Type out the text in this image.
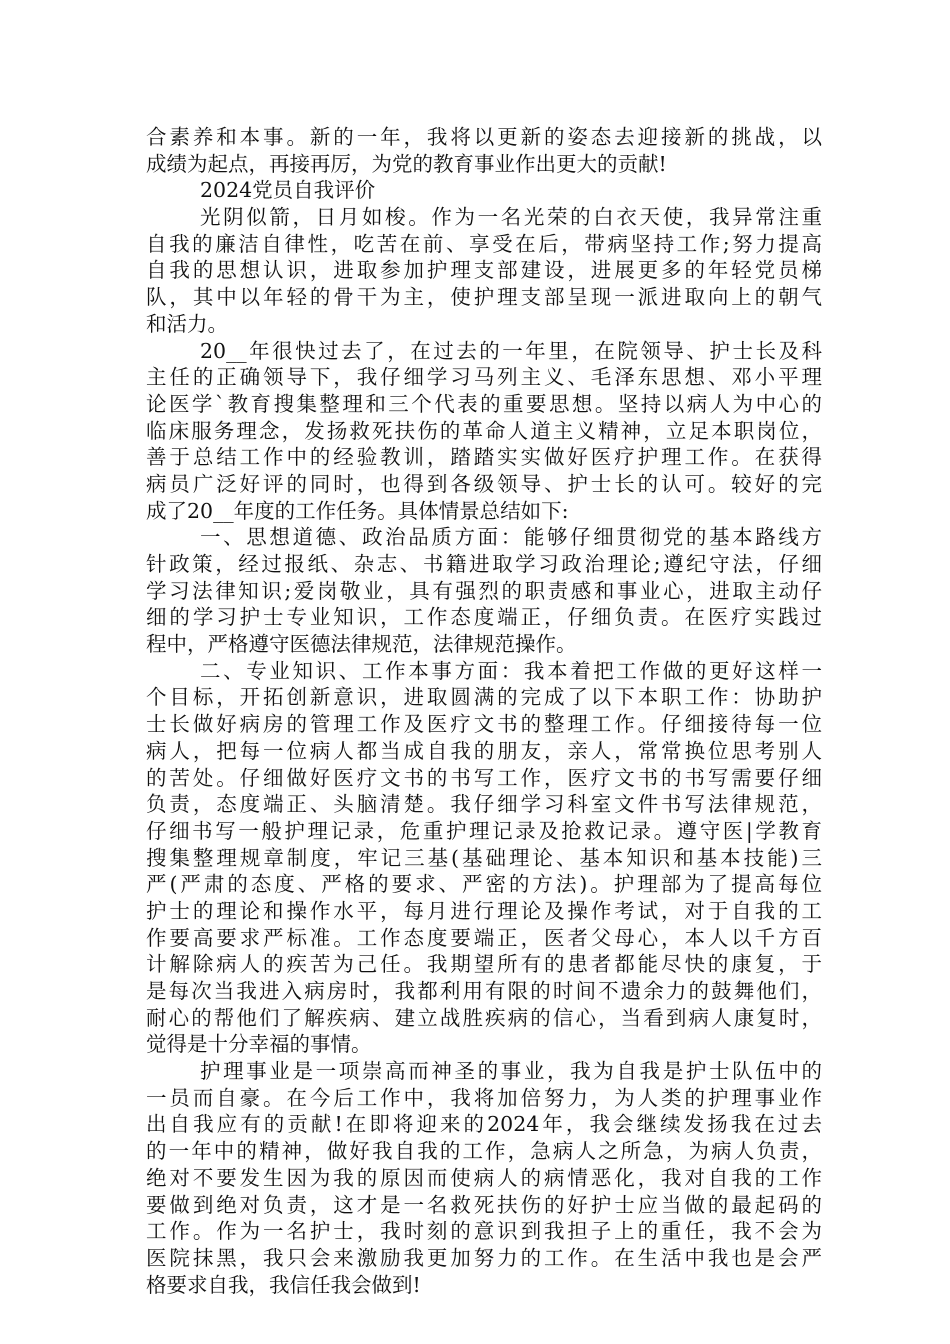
合素养和本事。新的一年，我将以更新的姿态去迎接新的挑战，以
成绩为起点，再接再厉，为党的教育事业作出更大的贡献!
2024党员自我评价
光阴似箭，日月如梭。作为一名光荣的白衣天使，我异常注重
自我的廉洁自律性，吃苦在前、享受在后，带病坚持工作;努力提高
自我的思想认识，进取参加护理支部建设，进展更多的年轻党员梯
队，其中以年轻的骨干为主，使护理支部呈现一派进取向上的朝气
和活力。
20__年很快过去了，在过去的一年里，在院领导、护士长及科
主任的正确领导下，我仔细学习马列主义、毛泽东思想、邓小平理
论医学`教育搜集整理和三个代表的重要思想。坚持以病人为中心的
临床服务理念，发扬救死扶伤的革命人道主义精神，立足本职岗位，
善于总结工作中的经验教训，踏踏实实做好医疗护理工作。在获得
病员广泛好评的同时，也得到各级领导、护士长的认可。较好的完
成了20__年度的工作任务。具体情景总结如下:
一、思想道德、政治品质方面：能够仔细贯彻党的基本路线方
针政策，经过报纸、杂志、书籍进取学习政治理论;遵纪守法，仔细
学习法律知识;爱岗敬业，具有强烈的职责感和事业心，进取主动仔
细的学习护士专业知识，工作态度端正，仔细负责。在医疗实践过
程中，严格遵守医德法律规范，法律规范操作。
二、专业知识、工作本事方面：我本着把工作做的更好这样一
个目标，开拓创新意识，进取圆满的完成了以下本职工作：协助护
士长做好病房的管理工作及医疗文书的整理工作。仔细接待每一位
病人，把每一位病人都当成自我的朋友，亲人，常常换位思考别人
的苦处。仔细做好医疗文书的书写工作，医疗文书的书写需要仔细
负责，态度端正、头脑清楚。我仔细学习科室文件书写法律规范，
仔细书写一般护理记录，危重护理记录及抢救记录。遵守医|学教育
搜集整理规章制度，牢记三基(基础理论、基本知识和基本技能)三
严(严肃的态度、严格的要求、严密的方法)。护理部为了提高每位
护士的理论和操作水平，每月进行理论及操作考试，对于自我的工
作要高要求严标准。工作态度要端正，医者父母心，本人以千方百
计解除病人的疾苦为己任。我期望所有的患者都能尽快的康复，于
是每次当我进入病房时，我都利用有限的时间不遗余力的鼓舞他们，
耐心的帮他们了解疾病、建立战胜疾病的信心，当看到病人康复时，
觉得是十分幸福的事情。
护理事业是一项崇高而神圣的事业，我为自我是护士队伍中的
一员而自豪。在今后工作中，我将加倍努力，为人类的护理事业作
出自我应有的贡献!在即将迎来的2024年，我会继续发扬我在过去
的一年中的精神，做好我自我的工作，急病人之所急，为病人负责，
绝对不要发生因为我的原因而使病人的病情恶化，我对自我的工作
要做到绝对负责，这才是一名救死扶伤的好护士应当做的最起码的
工作。作为一名护士，我时刻的意识到我担子上的重任，我不会为
医院抹黑，我只会来激励我更加努力的工作。在生活中我也是会严
格要求自我，我信任我会做到!
